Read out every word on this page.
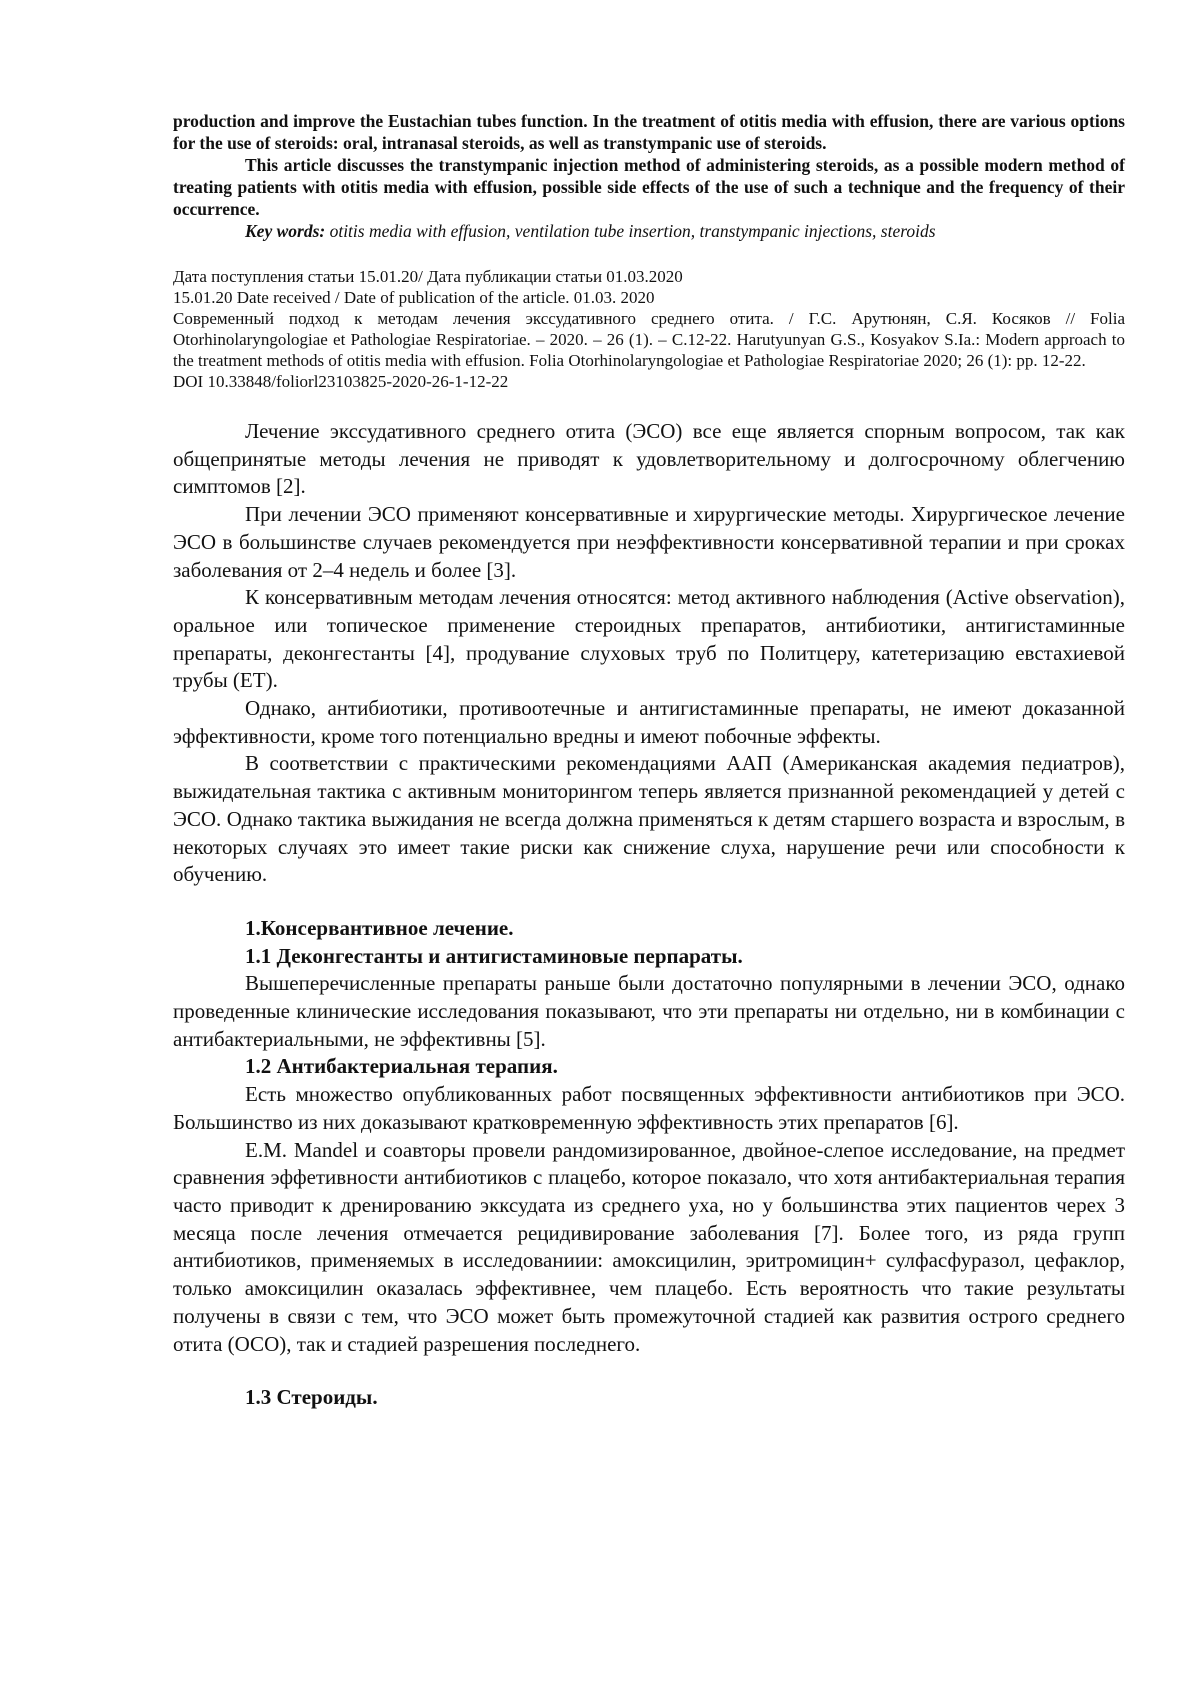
production and improve the Eustachian tubes function. In the treatment of otitis media with effusion, there are various options for the use of steroids: oral, intranasal steroids, as well as transtympanic use of steroids.

This article discusses the transtympanic injection method of administering steroids, as a possible modern method of treating patients with otitis media with effusion, possible side effects of the use of such a technique and the frequency of their occurrence.

Key words: otitis media with effusion, ventilation tube insertion, transtympanic injections, steroids

Дата поступления статьи 15.01.20/ Дата публикации статьи 01.03.2020

15.01.20 Date received / Date of publication of the article. 01.03. 2020

Современный подход к методам лечения экссудативного среднего отита. / Г.С. Арутюнян, С.Я. Косяков // Folia Otorhinolaryngologiae et Pathologiae Respiratoriae. – 2020. – 26 (1). – С.12-22. Harutyunyan G.S., Kosyakov S.Ia.: Modern approach to the treatment methods of otitis media with effusion. Folia Otorhinolaryngologiae et Pathologiae Respiratoriae 2020; 26 (1): pp. 12-22.

DOI 10.33848/foliorl23103825-2020-26-1-12-22

Лечение экссудативного среднего отита (ЭСО) все еще является спорным вопросом, так как общепринятые методы лечения не приводят к удовлетворительному и долгосрочному облегчению симптомов [2].

При лечении ЭСО применяют консервативные и хирургические методы. Хирургическое лечение ЭСО в большинстве случаев рекомендуется при неэффективности консервативной терапии и при сроках заболевания от 2–4 недель и более [3].

К консервативным методам лечения относятся: метод активного наблюдения (Active observation), оральное или топическое применение стероидных препаратов, антибиотики, антигистаминные препараты, деконгестанты [4], продувание слуховых труб по Политцеру, катетеризацию евстахиевой трубы (ЕТ).

Однако, антибиотики, противоотечные и антигистаминные препараты, не имеют доказанной эффективности, кроме того потенциально вредны и имеют побочные эффекты.

В соответствии с практическими рекомендациями ААП (Американская академия педиатров), выжидательная тактика с активным мониторингом теперь является признанной рекомендацией у детей с ЭСО. Однако тактика выжидания не всегда должна применяться к детям старшего возраста и взрослым, в некоторых случаях это имеет такие риски как снижение слуха, нарушение речи или способности к обучению.

1.Консервантивное лечение.
1.1 Деконгестанты и антигистаминовые перпараты.

Вышеперечисленные препараты раньше были достаточно популярными в лечении ЭСО, однако проведенные клинические исследования показывают, что эти препараты ни отдельно, ни в комбинации с антибактериальными, не эффективны [5].

1.2 Антибактериальная терапия.

Есть множество опубликованных работ посвященных эффективности антибиотиков при ЭСО. Большинство из них доказывают кратковременную эффективность этих препаратов [6].

E.M. Mandel и соавторы провели рандомизированное, двойное-слепое исследование, на предмет сравнения эффетивности антибиотиков с плацебо, которое показало, что хотя антибактериальная терапия часто приводит к дренированию экксудата из среднего уха, но у большинства этих пациентов черех 3 месяца после лечения отмечается рецидивирование заболевания [7]. Более того, из ряда групп антибиотиков, применяемых в исследованиии: амоксицилин, эритромицин+ сулфасфуразол, цефаклор, только амоксицилин оказалась эффективнее, чем плацебо. Есть вероятность что такие результаты получены в связи с тем, что ЭСО может быть промежуточной стадией как развития острого среднего отита (ОСО), так и стадией разрешения последнего.

1.3 Стероиды.
